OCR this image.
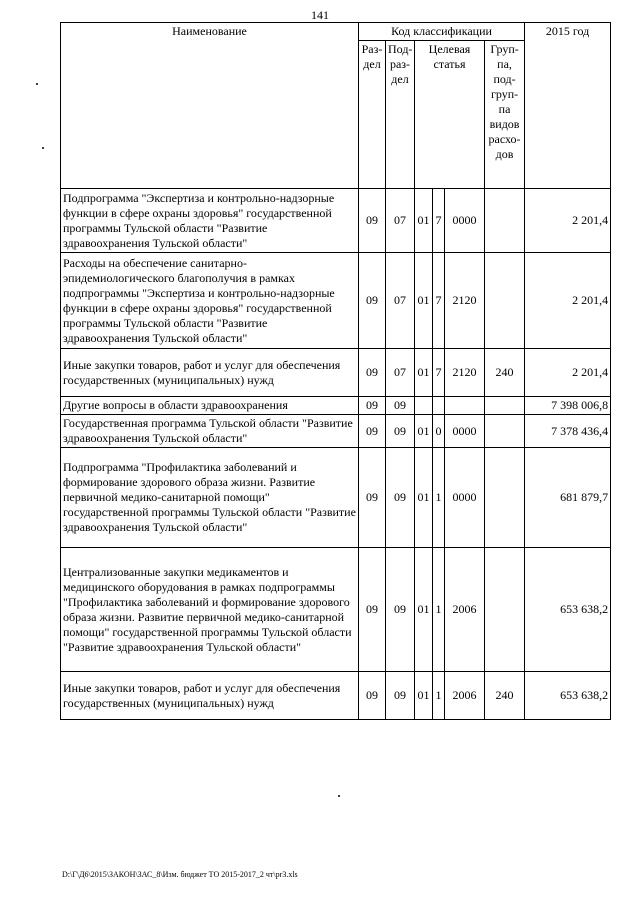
141
Наименование	Код классификации						2015 год
	Раз-дел	Под-раз-дел	Целевая статья			Груп-па, под-груп-па видов расхо-дов	
Подпрограмма "Экспертиза и контрольно-надзорные функции в сфере охраны здоровья" государственной программы Тульской области "Развитие здравоохранения Тульской области"	09	07	01	7	0000		2 201,4
Расходы на обеспечение санитарно-эпидемиологического благополучия в рамках подпрограммы "Экспертиза и контрольно-надзорные функции в сфере охраны здоровья" государственной программы Тульской области "Развитие здравоохранения Тульской области"	09	07	01	7	2120		2 201,4
Иные закупки товаров, работ и услуг для обеспечения государственных (муниципальных) нужд	09	07	01	7	2120	240	2 201,4
Другие вопросы в области здравоохранения	09	09					7 398 006,8
Государственная программа Тульской области "Развитие здравоохранения Тульской области"	09	09	01	0	0000		7 378 436,4
Подпрограмма "Профилактика заболеваний и формирование здорового образа жизни. Развитие первичной медико-санитарной помощи" государственной программы Тульской области "Развитие здравоохранения Тульской области"	09	09	01	1	0000		681 879,7
Централизованные закупки медикаментов и медицинского оборудования в рамках подпрограммы "Профилактика заболеваний и формирование здорового образа жизни. Развитие первичной медико-санитарной помощи" государственной программы Тульской области "Развитие здравоохранения Тульской области"	09	09	01	1	2006		653 638,2
Иные закупки товаров, работ и услуг для обеспечения государственных (муниципальных) нужд	09	09	01	1	2006	240	653 638,2
D:\Г\Д6\2015\ЗАКОН\ЗАС_8\Изм. бюджет ТО 2015-2017_2 чт\pr3.xls
